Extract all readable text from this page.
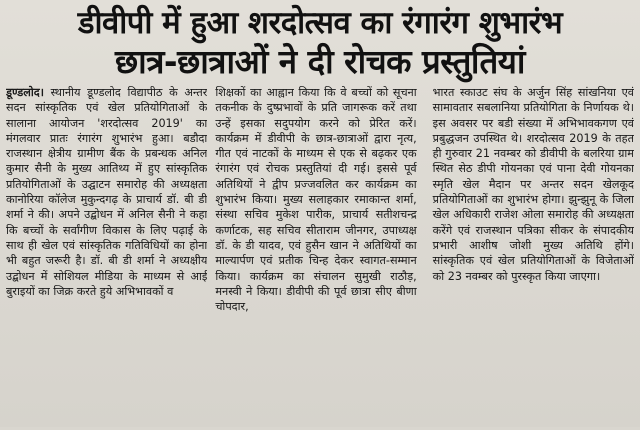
डीवीपी में हुआ शरदोत्सव का रंगारंग शुभारंभ
छात्र-छात्राओं ने दी रोचक प्रस्तुतियां

डूण्डलोद। स्थानीय डूण्डलोद विद्यापीठ के अन्तर सदन सांस्कृतिक एवं खेल प्रतियोगिताओं के सालाना आयोजन 'शरदोत्सव 2019' का मंगलवार प्रातः रंगारंग शुभारंभ हुआ। बडौदा राजस्थान क्षेत्रीय ग्रामीण बैंक के प्रबन्धक अनिल कुमार सैनी के मुख्य आतिथ्य में हुए सांस्कृतिक प्रतियोगिताओं के उद्घाटन समारोह की अध्यक्षता कानोरिया कॉलेज मुकुन्दगढ़ के प्राचार्य डॉ. बी डी शर्मा ने की। अपने उद्बोधन में अनिल सैनी ने कहा कि बच्चों के सर्वांगीण विकास के लिए पढ़ाई के साथ ही खेल एवं सांस्कृतिक गतिविधियों का होना भी बहुत जरूरी है। डॉ. बी डी शर्मा ने अध्यक्षीय उद्बोधन में सोशियल मीडिया के माध्यम से आई बुराइयों का जिक्र करते हुये अभिभावकों व

शिक्षकों का आह्वान किया कि वे बच्चों को सूचना तकनीक के दुष्प्रभावों के प्रति जागरूक करें तथा उन्हें इसका सदुपयोग करने को प्रेरित करें। कार्यक्रम में डीवीपी के छात्र-छात्राओं द्वारा नृत्य, गीत एवं नाटकों के माध्यम से एक से बढ़कर एक रंगारंग एवं रोचक प्रस्तुतियां दी गई। इससे पूर्व अतिथियों ने द्वीप प्रज्जवलित कर कार्यक्रम का शुभारंभ किया। मुख्य सलाहकार रमाकान्त शर्मा, संस्था सचिव मुकेश पारीक, प्राचार्य सतीशचन्द्र कर्णाटक, सह सचिव सीताराम जीनगर, उपाध्यक्ष डॉ. के डी यादव, एवं हुसैन खान ने अतिथियों का माल्यार्पण एवं प्रतीक चिन्ह देकर स्वागत-सम्मान किया। कार्यक्रम का संचालन सुमुखी राठौड़, मनस्वी ने किया। डीवीपी की पूर्व छात्रा सीए बीणा चोपदार,

भारत स्काउट संघ के अर्जुन सिंह सांखनिया एवं सामावतार सबलानिया प्रतियोगिता के निर्णायक थे। इस अवसर पर बडी संख्या में अभिभावकगण एवं प्रबुद्धजन उपस्थित थे। शरदोत्सव 2019 के तहत ही गुरुवार 21 नवम्बर को डीवीपी के बलरिया ग्राम स्थित सेठ डीपी गोयनका एवं पाना देवी गोयनका स्मृति खेल मैदान पर अन्तर सदन खेलकूद प्रतियोगिताओं का शुभारंभ होगा। झुन्झुनू के जिला खेल अधिकारी राजेश ओला समारोह की अध्यक्षता करेंगे एवं राजस्थान पत्रिका सीकर के संपादकीय प्रभारी आशीष जोशी मुख्य अतिथि होंगे। सांस्कृतिक एवं खेल प्रतियोगिताओं के विजेताओं को 23 नवम्बर को पुरस्कृत किया जाएगा।
